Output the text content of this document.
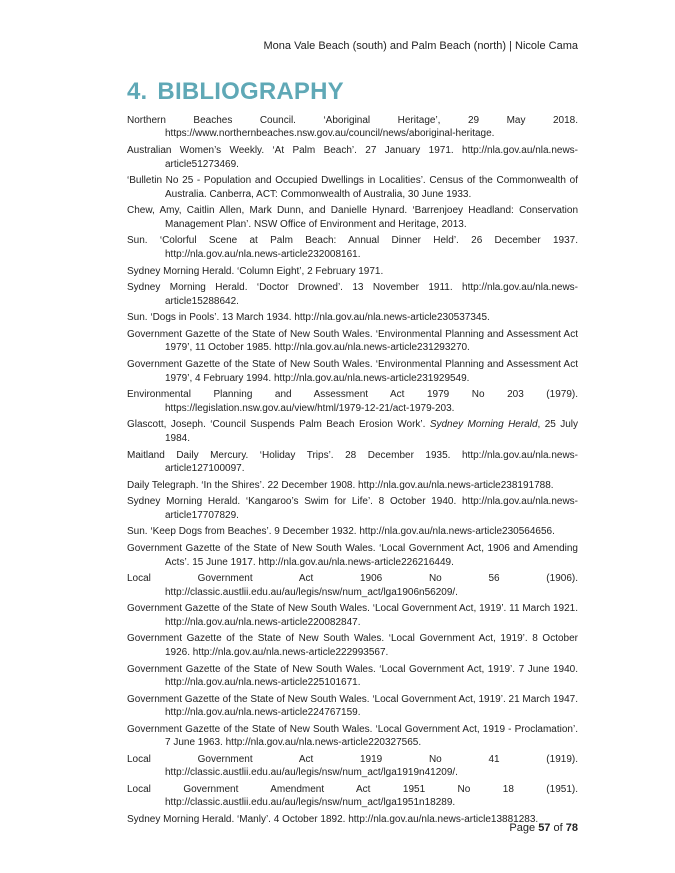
Mona Vale Beach (south) and Palm Beach (north) | Nicole Cama
4. BIBLIOGRAPHY
Northern Beaches Council. ‘Aboriginal Heritage’, 29 May 2018. https://www.northernbeaches.nsw.gov.au/council/news/aboriginal-heritage.
Australian Women’s Weekly. ‘At Palm Beach’. 27 January 1971. http://nla.gov.au/nla.news-article51273469.
‘Bulletin No 25 - Population and Occupied Dwellings in Localities’. Census of the Commonwealth of Australia. Canberra, ACT: Commonwealth of Australia, 30 June 1933.
Chew, Amy, Caitlin Allen, Mark Dunn, and Danielle Hynard. ‘Barrenjoey Headland: Conservation Management Plan’. NSW Office of Environment and Heritage, 2013.
Sun. ‘Colorful Scene at Palm Beach: Annual Dinner Held’. 26 December 1937. http://nla.gov.au/nla.news-article232008161.
Sydney Morning Herald. ‘Column Eight’, 2 February 1971.
Sydney Morning Herald. ‘Doctor Drowned’. 13 November 1911. http://nla.gov.au/nla.news-article15288642.
Sun. ‘Dogs in Pools’. 13 March 1934. http://nla.gov.au/nla.news-article230537345.
Government Gazette of the State of New South Wales. ‘Environmental Planning and Assessment Act 1979’, 11 October 1985. http://nla.gov.au/nla.news-article231293270.
Government Gazette of the State of New South Wales. ‘Environmental Planning and Assessment Act 1979’, 4 February 1994. http://nla.gov.au/nla.news-article231929549.
Environmental Planning and Assessment Act 1979 No 203 (1979). https://legislation.nsw.gov.au/view/html/1979-12-21/act-1979-203.
Glascott, Joseph. ‘Council Suspends Palm Beach Erosion Work’. Sydney Morning Herald, 25 July 1984.
Maitland Daily Mercury. ‘Holiday Trips’. 28 December 1935. http://nla.gov.au/nla.news-article127100097.
Daily Telegraph. ‘In the Shires’. 22 December 1908. http://nla.gov.au/nla.news-article238191788.
Sydney Morning Herald. ‘Kangaroo’s Swim for Life’. 8 October 1940. http://nla.gov.au/nla.news-article17707829.
Sun. ‘Keep Dogs from Beaches’. 9 December 1932. http://nla.gov.au/nla.news-article230564656.
Government Gazette of the State of New South Wales. ‘Local Government Act, 1906 and Amending Acts’. 15 June 1917. http://nla.gov.au/nla.news-article226216449.
Local Government Act 1906 No 56 (1906). http://classic.austlii.edu.au/au/legis/nsw/num_act/lga1906n56209/.
Government Gazette of the State of New South Wales. ‘Local Government Act, 1919’. 11 March 1921. http://nla.gov.au/nla.news-article220082847.
Government Gazette of the State of New South Wales. ‘Local Government Act, 1919’. 8 October 1926. http://nla.gov.au/nla.news-article222993567.
Government Gazette of the State of New South Wales. ‘Local Government Act, 1919’. 7 June 1940. http://nla.gov.au/nla.news-article225101671.
Government Gazette of the State of New South Wales. ‘Local Government Act, 1919’. 21 March 1947. http://nla.gov.au/nla.news-article224767159.
Government Gazette of the State of New South Wales. ‘Local Government Act, 1919 - Proclamation’. 7 June 1963. http://nla.gov.au/nla.news-article220327565.
Local Government Act 1919 No 41 (1919). http://classic.austlii.edu.au/au/legis/nsw/num_act/lga1919n41209/.
Local Government Amendment Act 1951 No 18 (1951). http://classic.austlii.edu.au/au/legis/nsw/num_act/lga1951n18289.
Sydney Morning Herald. ‘Manly’. 4 October 1892. http://nla.gov.au/nla.news-article13881283.
Page 57 of 78
